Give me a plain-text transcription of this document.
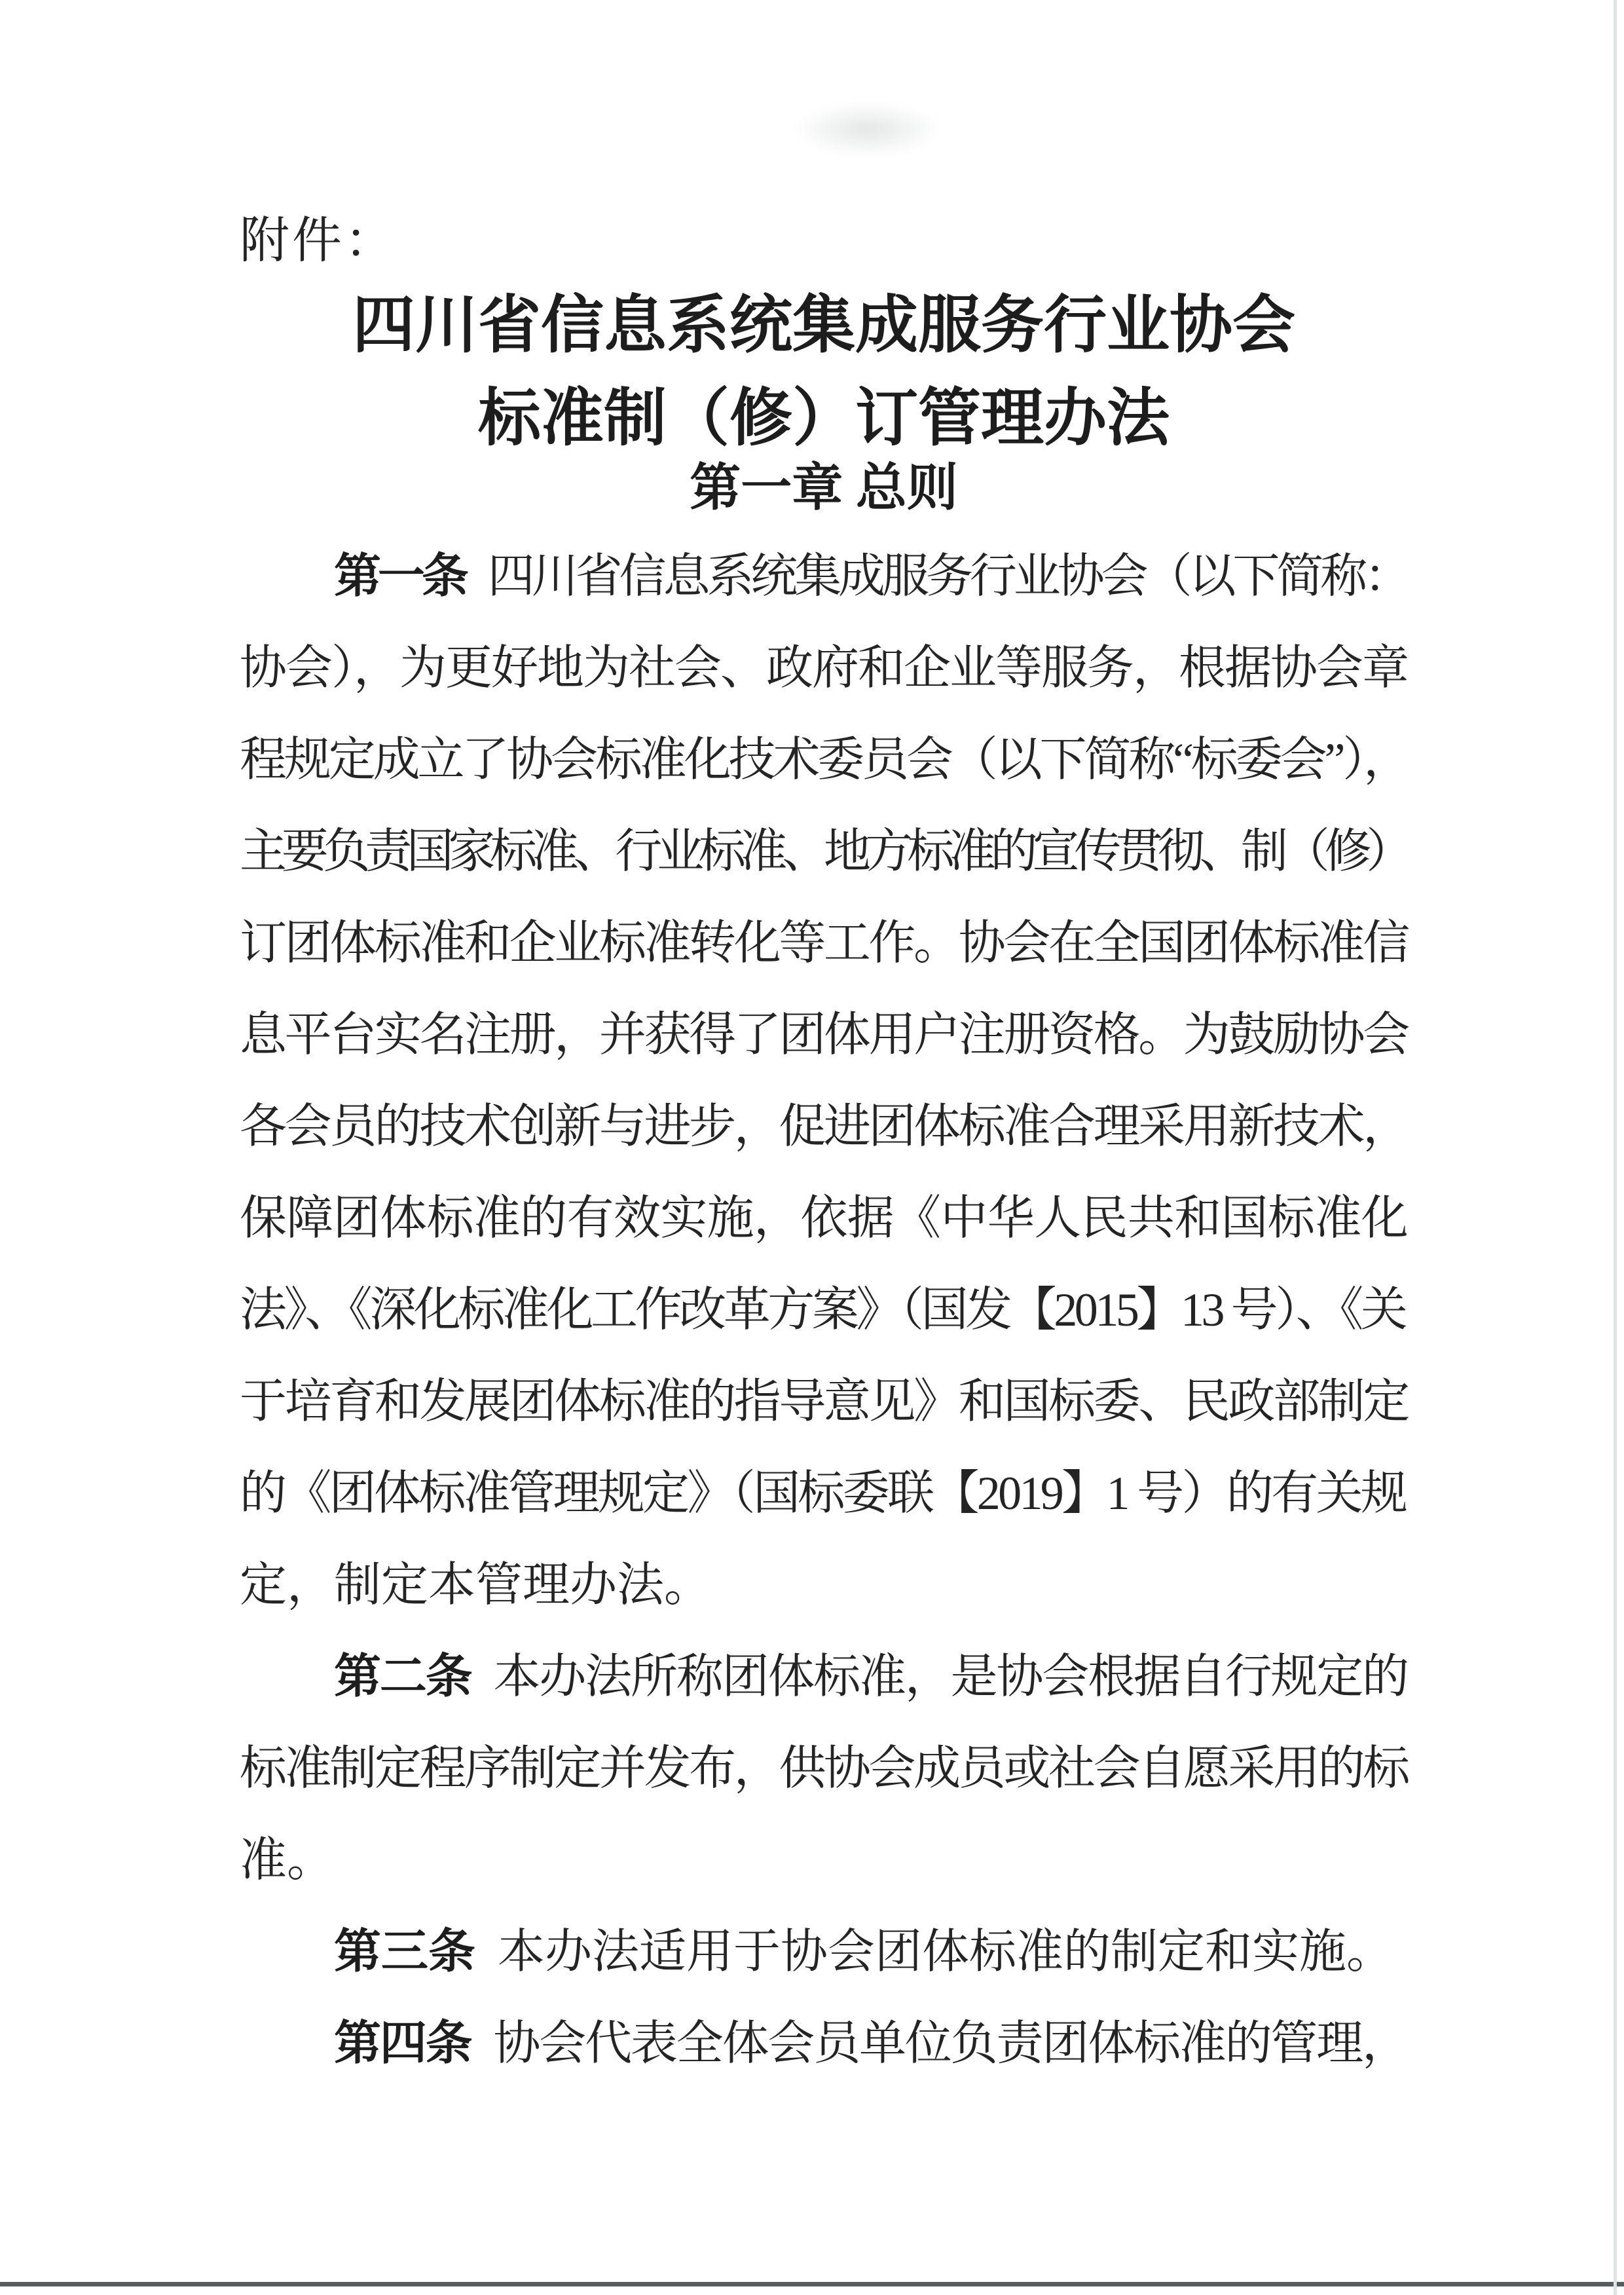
附件：
四川省信息系统集成服务行业协会
标准制（修）订管理办法
第一章 总则
第一条 四川省信息系统集成服务行业协会（以下简称：
协会），为更好地为社会、政府和企业等服务，根据协会章
程规定成立了协会标准化技术委员会（以下简称“标委会”），
主要负责国家标准、行业标准、地方标准的宣传贯彻、制（修）
订团体标准和企业标准转化等工作。协会在全国团体标准信
息平台实名注册，并获得了团体用户注册资格。为鼓励协会
各会员的技术创新与进步，促进团体标准合理采用新技术，
保障团体标准的有效实施，依据《中华人民共和国标准化
法》、《深化标准化工作改革方案》（国发【2015】13 号）、《关
于培育和发展团体标准的指导意见》和国标委、民政部制定
的《团体标准管理规定》（国标委联【2019】1 号）的有关规
定，制定本管理办法。
第二条 本办法所称团体标准，是协会根据自行规定的
标准制定程序制定并发布，供协会成员或社会自愿采用的标
准。
第三条 本办法适用于协会团体标准的制定和实施。
第四条 协会代表全体会员单位负责团体标准的管理，
